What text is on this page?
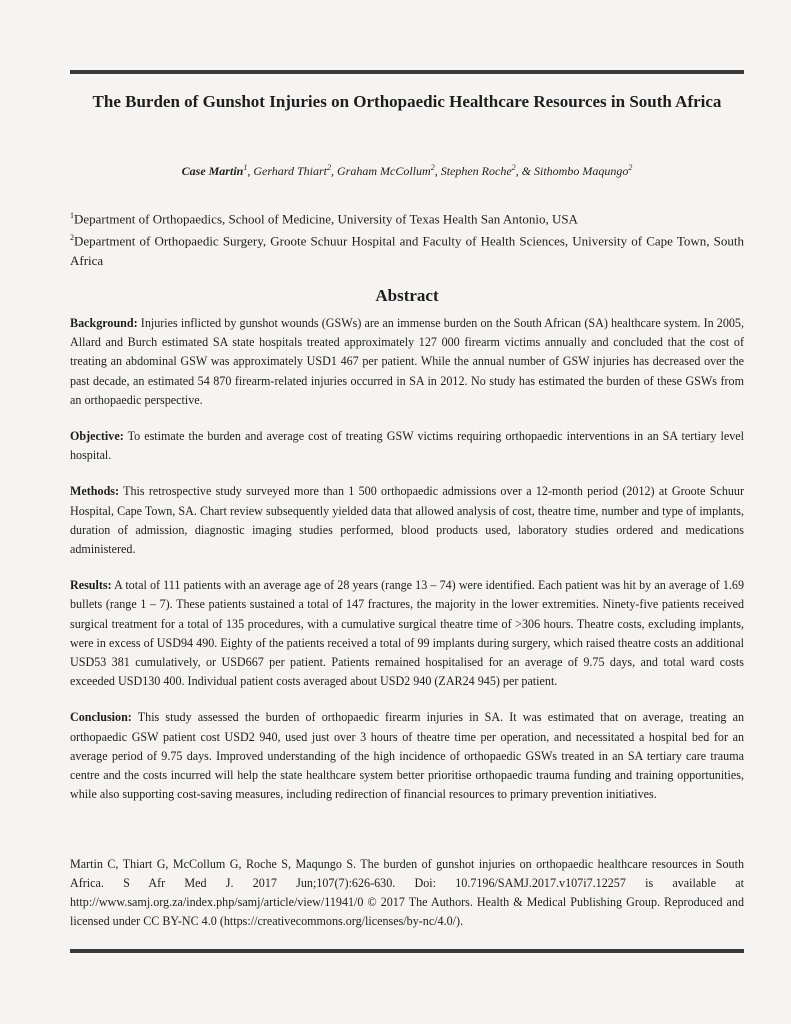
The Burden of Gunshot Injuries on Orthopaedic Healthcare Resources in South Africa
Case Martin$^1$, Gerhard Thiart$^2$, Graham McCollum$^2$, Stephen Roche$^2$, & Sithombo Maqungo$^2$

$^1$Department of Orthopaedics, School of Medicine, University of Texas Health San Antonio, USA

$^2$Department of Orthopaedic Surgery, Groote Schuur Hospital and Faculty of Health Sciences, University of Cape Town, South Africa

Abstract

Background: Injuries inflicted by gunshot wounds (GSWs) are an immense burden on the South African (SA) healthcare system. In 2005, Allard and Burch estimated SA state hospitals treated approximately 127 000 firearm victims annually and concluded that the cost of treating an abdominal GSW was approximately USD1 467 per patient. While the annual number of GSW injuries has decreased over the past decade, an estimated 54 870 firearm-related injuries occurred in SA in 2012. No study has estimated the burden of these GSWs from an orthopaedic perspective.

Objective: To estimate the burden and average cost of treating GSW victims requiring orthopaedic interventions in an SA tertiary level hospital.

Methods: This retrospective study surveyed more than 1 500 orthopaedic admissions over a 12-month period (2012) at Groote Schuur Hospital, Cape Town, SA. Chart review subsequently yielded data that allowed analysis of cost, theatre time, number and type of implants, duration of admission, diagnostic imaging studies performed, blood products used, laboratory studies ordered and medications administered.

Results: A total of 111 patients with an average age of 28 years (range 13 – 74) were identified. Each patient was hit by an average of 1.69 bullets (range 1 – 7). These patients sustained a total of 147 fractures, the majority in the lower extremities. Ninety-five patients received surgical treatment for a total of 135 procedures, with a cumulative surgical theatre time of >306 hours. Theatre costs, excluding implants, were in excess of USD94 490. Eighty of the patients received a total of 99 implants during surgery, which raised theatre costs an additional USD53 381 cumulatively, or USD667 per patient. Patients remained hospitalised for an average of 9.75 days, and total ward costs exceeded USD130 400. Individual patient costs averaged about USD2 940 (ZAR24 945) per patient.

Conclusion: This study assessed the burden of orthopaedic firearm injuries in SA. It was estimated that on average, treating an orthopaedic GSW patient cost USD2 940, used just over 3 hours of theatre time per operation, and necessitated a hospital bed for an average period of 9.75 days. Improved understanding of the high incidence of orthopaedic GSWs treated in an SA tertiary care trauma centre and the costs incurred will help the state healthcare system better prioritise orthopaedic trauma funding and training opportunities, while also supporting cost-saving measures, including redirection of financial resources to primary prevention initiatives.

Martin C, Thiart G, McCollum G, Roche S, Maqungo S. The burden of gunshot injuries on orthopaedic healthcare resources in South Africa. S Afr Med J. 2017 Jun;107(7):626-630. Doi: 10.7196/SAMJ.2017.v107i7.12257 is available at http://www.samj.org.za/index.php/samj/article/view/11941/0 © 2017 The Authors. Health & Medical Publishing Group. Reproduced and licensed under CC BY-NC 4.0 (https://creativecommons.org/licenses/by-nc/4.0/).
